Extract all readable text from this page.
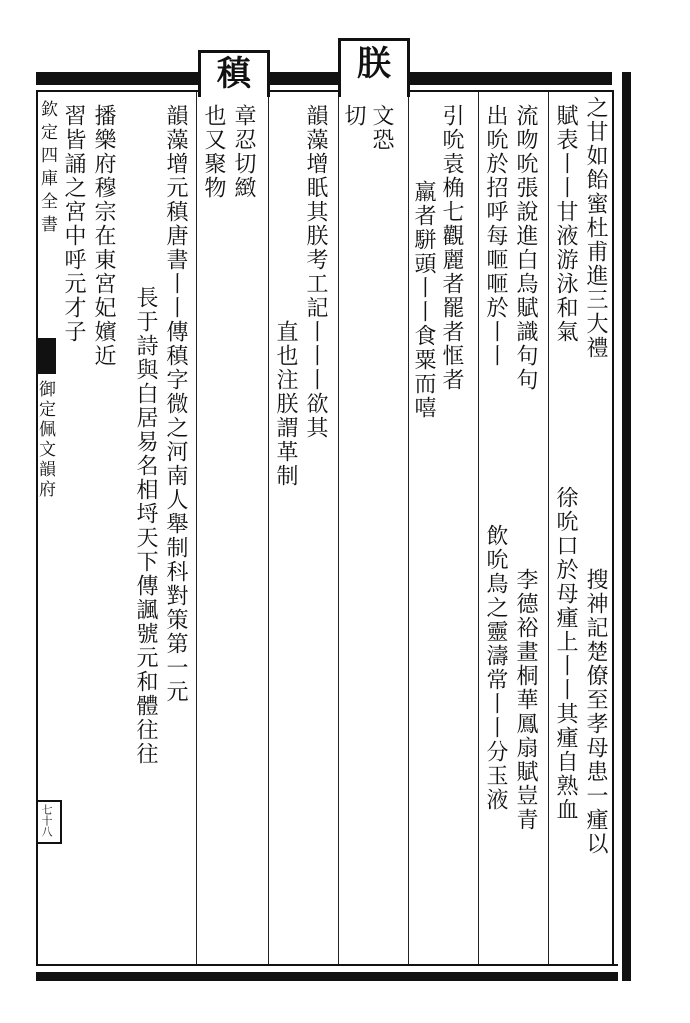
朕
文恐
切
稹
章忍切緻
也又聚物	之甘如飴蜜杜甫進三大禮
賦表丨丨甘液游泳和氣
流吻吮張說進白烏賦識句句
出吮於招呼每咂咂於丨丨
徐吮口於母瘇上丨丨其瘇自熟血 搜神記楚僚至孝母患一瘇以
飲吮鳥之靈濤常丨丨分玉液 李德裕畫桐華鳳扇賦豈青
引吮袁桷七觀麗者罷者恇者
羸者駢頭丨丨食粟而嘻
韻藻增眂其朕考工記丨丨丨欲其
直也注朕謂革制
韻藻增元稹唐書丨丨傳稹字微之河南人舉制科對策第一元
長于詩與白居易名相埒天下傳諷號元和體往往
播樂府穆宗在東宮妃嬪近
習皆誦之宮中呼元才子
欽定四庫全書
御定佩文韻府
七十八
